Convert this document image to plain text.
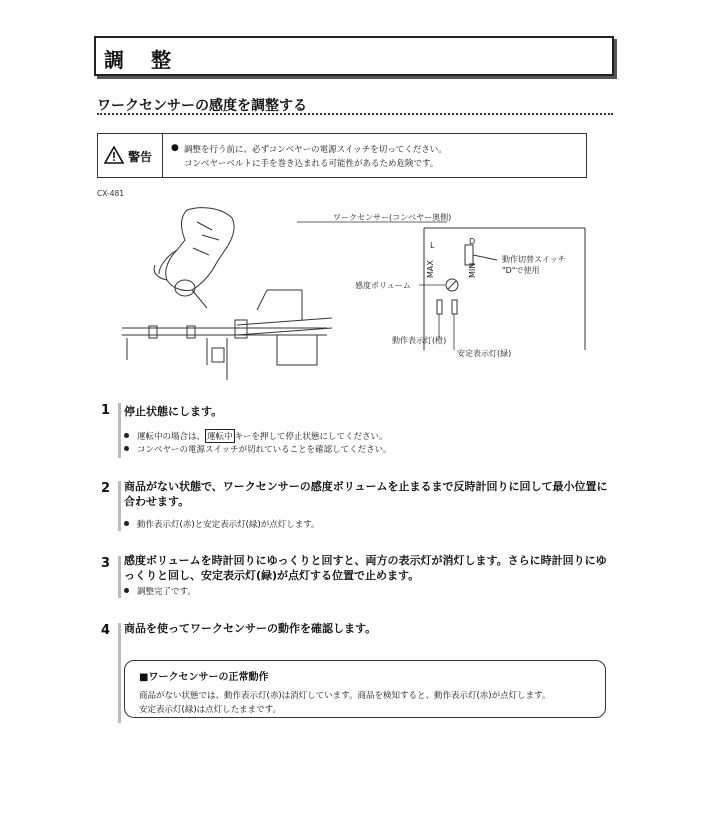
調 整
ワークセンサーの感度を調整する
警告
● 調整を行う前に、必ずコンベヤーの電源スイッチを切ってください。
コンベヤーベルトに手を巻き込まれる可能性があるため危険です。
CX-481
ワークセンサー(コンベヤー奥側)
MAX	MIN
D
L
動作切替スイッチ
"D"で使用
感度ボリューム
動作表示灯(橙)
安定表示灯(緑)
1 停止状態にします。
運転中の場合は、 運転中 キーを押して停止状態にしてください。
コンベヤーの電源スイッチが切れていることを確認してください。
2 商品がない状態で、ワークセンサーの感度ボリュームを止まるまで反時計回りに回して最小位置に合わせます。
動作表示灯(赤)と安定表示灯(緑)が点灯します。
3 感度ボリュームを時計回りにゆっくりと回すと、両方の表示灯が消灯します。さらに時計回りにゆっくりと回し、安定表示灯(緑)が点灯する位置で止めます。
調整完了です。
4 商品を使ってワークセンサーの動作を確認します。
■ワークセンサーの正常動作
商品がない状態では、動作表示灯(赤)は消灯しています。商品を検知すると、動作表示灯(赤)が点灯します。
安定表示灯(緑)は点灯したままです。
